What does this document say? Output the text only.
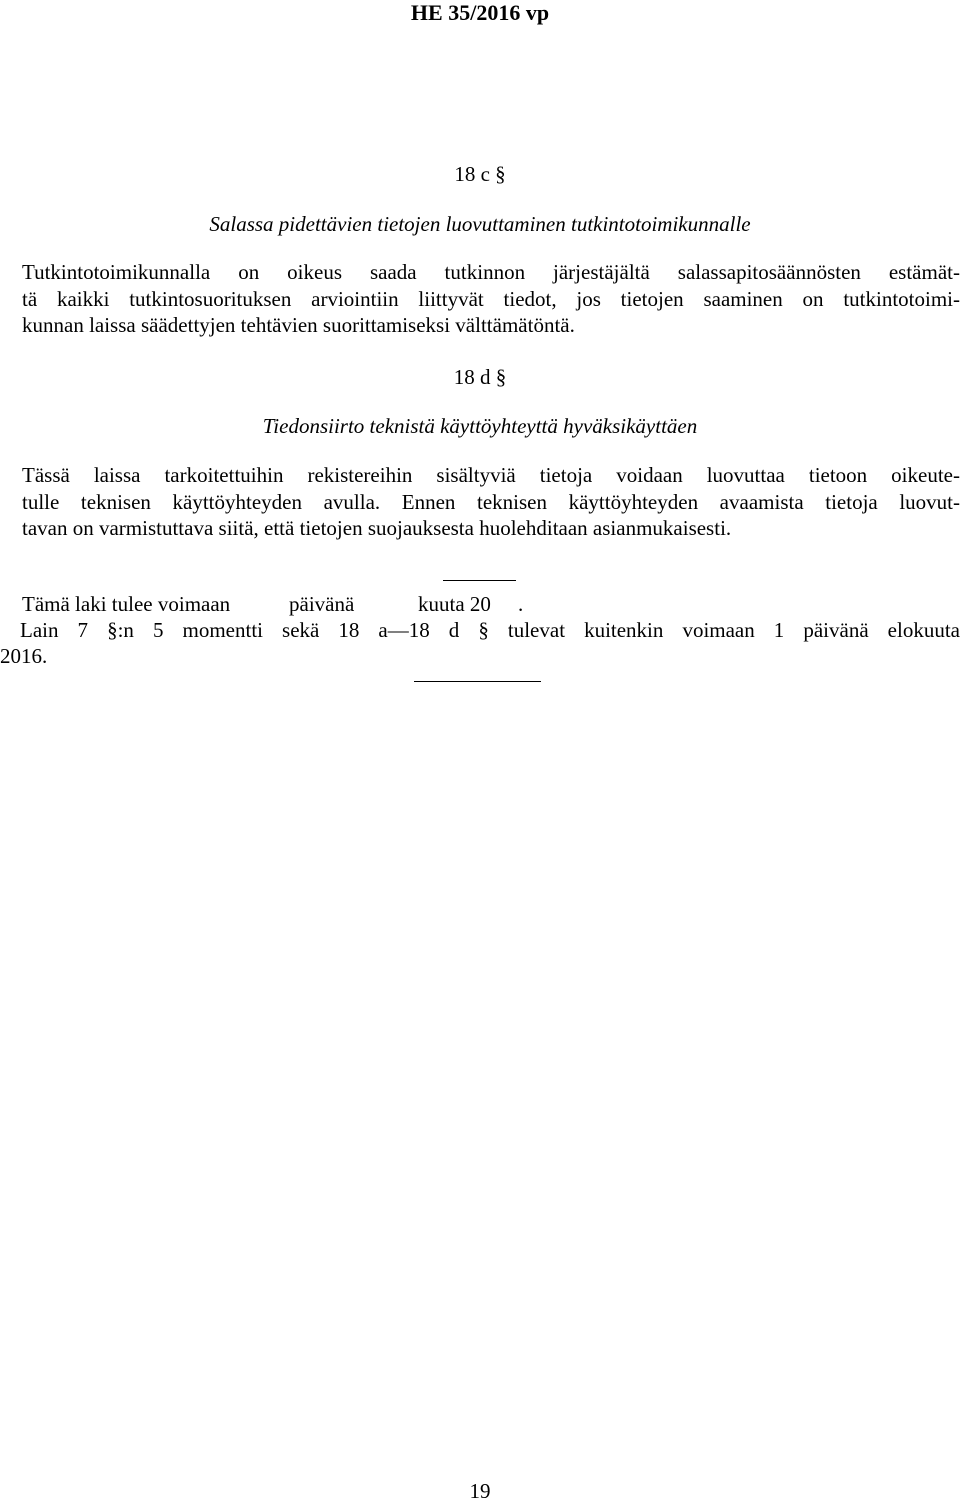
HE 35/2016 vp
18 c §
Salassa pidettävien tietojen luovuttaminen tutkintotoimikunnalle
Tutkintotoimikunnalla on oikeus saada tutkinnon järjestäjältä salassapitosäännösten estämät-
tä kaikki tutkintosuorituksen arviointiin liittyvät tiedot, jos tietojen saaminen on tutkintotoimi-
kunnan laissa säädettyjen tehtävien suorittamiseksi välttämätöntä.
18 d §
Tiedonsiirto teknistä käyttöyhteyttä hyväksikäyttäen
Tässä laissa tarkoitettuihin rekistereihin sisältyviä tietoja voidaan luovuttaa tietoon oikeute-
tulle teknisen käyttöyhteyden avulla. Ennen teknisen käyttöyhteyden avaamista tietoja luovut-
tavan on varmistuttava siitä, että tietojen suojauksesta huolehditaan asianmukaisesti.
Tämä laki tulee voimaan	päivänä	kuuta 20 .
Lain 7 §:n 5 momentti sekä 18 a—18 d § tulevat kuitenkin voimaan 1 päivänä elokuuta
2016.
19
